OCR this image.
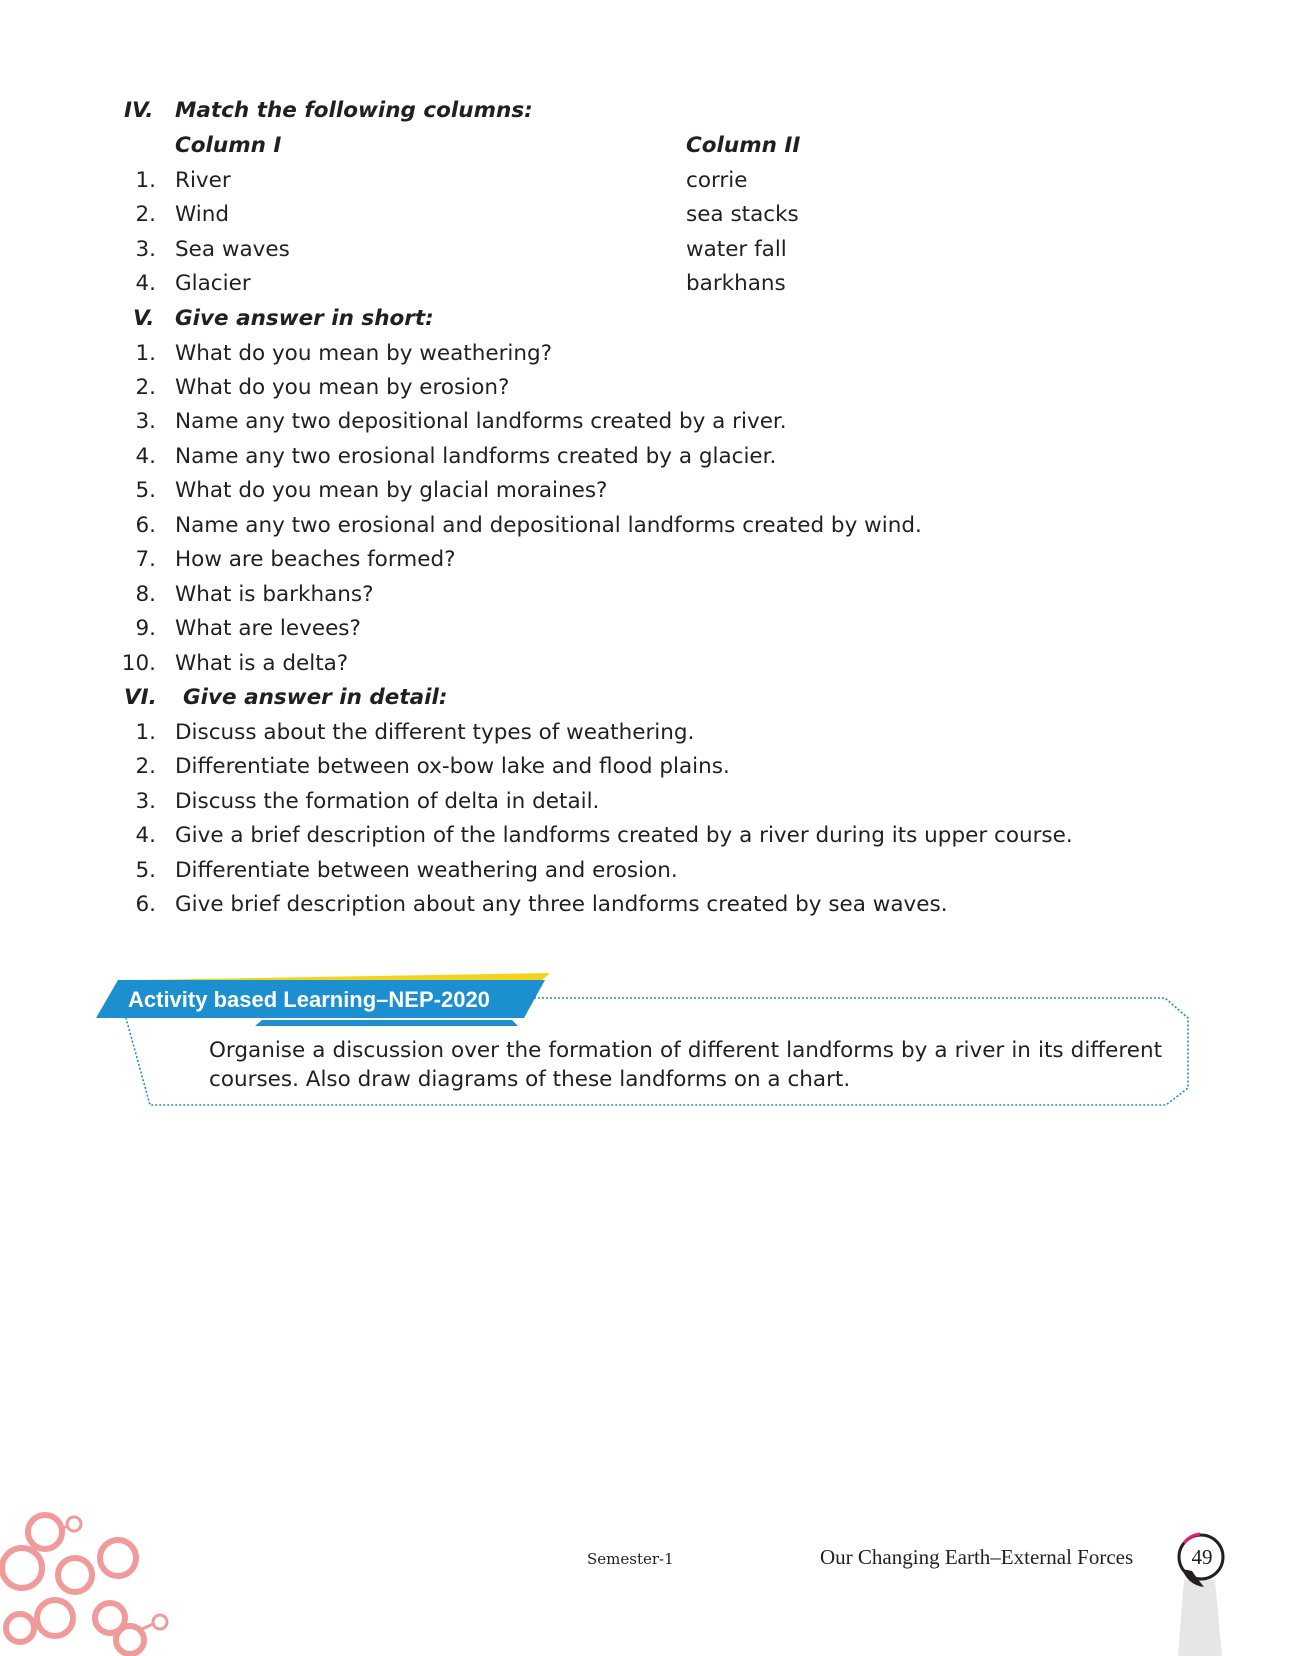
IV. Match the following columns:
Column I	Column II
1. River	corrie
2. Wind	sea stacks
3. Sea waves	water fall
4. Glacier	barkhans
V. Give answer in short:
1. What do you mean by weathering?
2. What do you mean by erosion?
3. Name any two depositional landforms created by a river.
4. Name any two erosional landforms created by a glacier.
5. What do you mean by glacial moraines?
6. Name any two erosional and depositional landforms created by wind.
7. How are beaches formed?
8. What is barkhans?
9. What are levees?
10. What is a delta?
VI. Give answer in detail:
1. Discuss about the different types of weathering.
2. Differentiate between ox-bow lake and flood plains.
3. Discuss the formation of delta in detail.
4. Give a brief description of the landforms created by a river during its upper course.
5. Differentiate between weathering and erosion.
6. Give brief description about any three landforms created by sea waves.
Activity based Learning–NEP-2020
Organise a discussion over the formation of different landforms by a river in its different courses. Also draw diagrams of these landforms on a chart.
Semester-1	Our Changing Earth–External Forces	49
